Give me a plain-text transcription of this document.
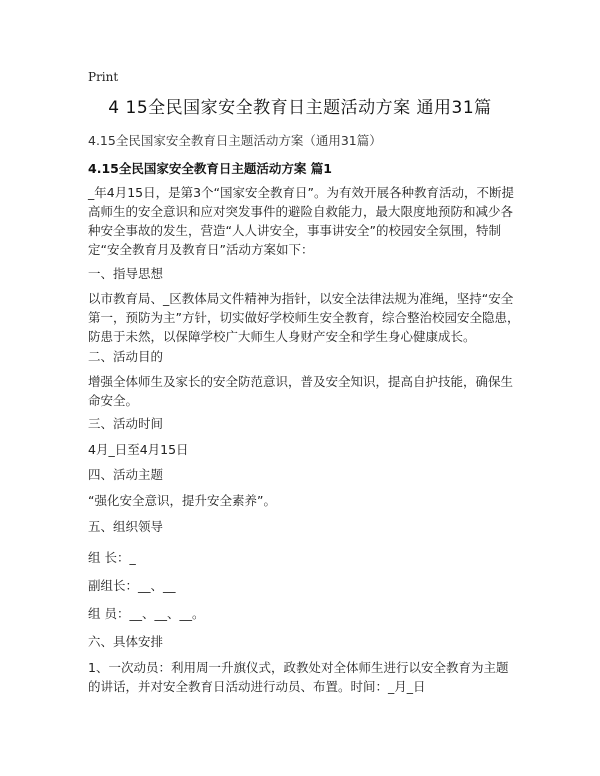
Print
4 15全民国家安全教育日主题活动方案 通用31篇
4.15全民国家安全教育日主题活动方案（通用31篇）
4.15全民国家安全教育日主题活动方案 篇1
_年4月15日，是第3个“国家安全教育日”。为有效开展各种教育活动，不断提高师生的安全意识和应对突发事件的避险自救能力，最大限度地预防和减少各种安全事故的发生，营造“人人讲安全，事事讲安全”的校园安全氛围，特制定“安全教育月及教育日”活动方案如下：
一、指导思想
以市教育局、_区教体局文件精神为指针，以安全法律法规为准绳，坚持“安全第一，预防为主”方针，切实做好学校师生安全教育，综合整治校园安全隐患，防患于未然，以保障学校广大师生人身财产安全和学生身心健康成长。
二、活动目的
增强全体师生及家长的安全防范意识，普及安全知识，提高自护技能，确保生命安全。
三、活动时间
4月_日至4月15日
四、活动主题
“强化安全意识，提升安全素养”。
五、组织领导
组 长：_
副组长：__、__
组 员：__、__、__。
六、具体安排
1、一次动员：利用周一升旗仪式，政教处对全体师生进行以安全教育为主题的讲话，并对安全教育日活动进行动员、布置。时间：_月_日
